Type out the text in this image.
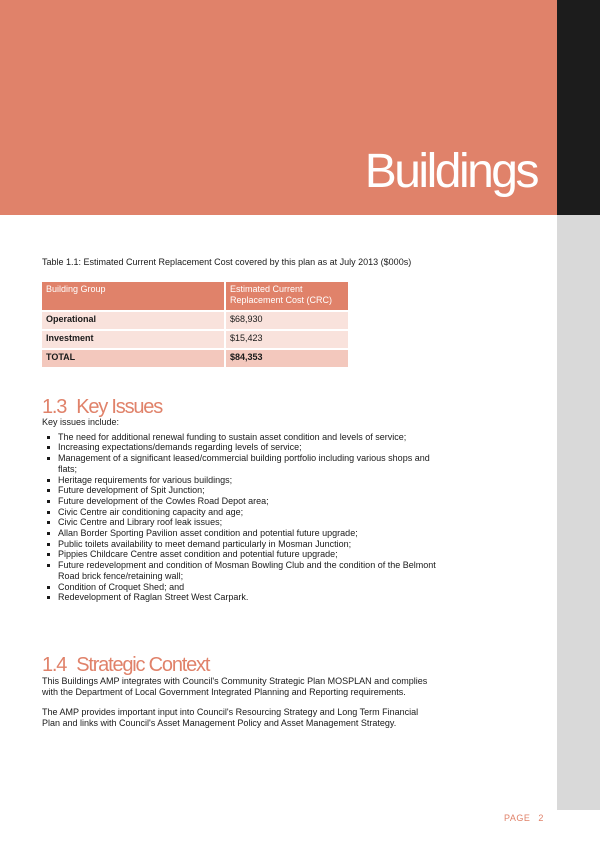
Buildings
Table 1.1: Estimated Current Replacement Cost covered by this plan as at July 2013 ($000s)
Building Group	Estimated Current Replacement Cost (CRC)
Operational	$68,930
Investment	$15,423
TOTAL	$84,353
1.3 Key Issues

Key issues include:

The need for additional renewal funding to sustain asset condition and levels of service;
Increasing expectations/demands regarding levels of service;
Management of a significant leased/commercial building portfolio including various shops and flats;
Heritage requirements for various buildings;
Future development of Spit Junction;
Future development of the Cowles Road Depot area;
Civic Centre air conditioning capacity and age;
Civic Centre and Library roof leak issues;
Allan Border Sporting Pavilion asset condition and potential future upgrade;
Public toilets availability to meet demand particularly in Mosman Junction;
Pippies Childcare Centre asset condition and potential future upgrade;
Future redevelopment and condition of Mosman Bowling Club and the condition of the Belmont Road brick fence/retaining wall;
Condition of Croquet Shed; and
Redevelopment of Raglan Street West Carpark.
1.4 Strategic Context

This Buildings AMP integrates with Council's Community Strategic Plan MOSPLAN and complies with the Department of Local Government Integrated Planning and Reporting requirements.

The AMP provides important input into Council's Resourcing Strategy and Long Term Financial Plan and links with Council's Asset Management Policy and Asset Management Strategy.

PAGE 2
